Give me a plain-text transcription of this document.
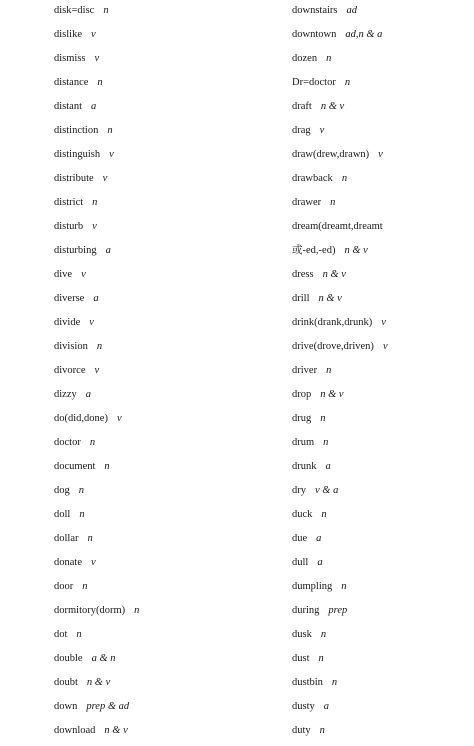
disk=disc n
dislike v
dismiss v
distance n
distant a
distinction n
distinguish v
distribute v
district n
disturb v
disturbing a
dive v
diverse a
divide v
division n
divorce v
dizzy a
do(did,done) v
doctor n
document n
dog n
doll n
dollar n
donate v
door n
dormitory(dorm) n
dot n
double a & n
doubt n & v
down prep & ad
download n & v
downstairs ad
downtown ad,n & a
dozen n
Dr=doctor n
draft n & v
drag v
draw(drew,drawn) v
drawback n
drawer n
dream(dreamt,dreamt
或-ed,-ed) n & v
dress n & v
drill n & v
drink(drank,drunk) v
drive(drove,driven) v
driver n
drop n & v
drug n
drum n
drunk a
dry v & a
duck n
due a
dull a
dumpling n
during prep
dusk n
dust n
dustbin n
dusty a
duty n
